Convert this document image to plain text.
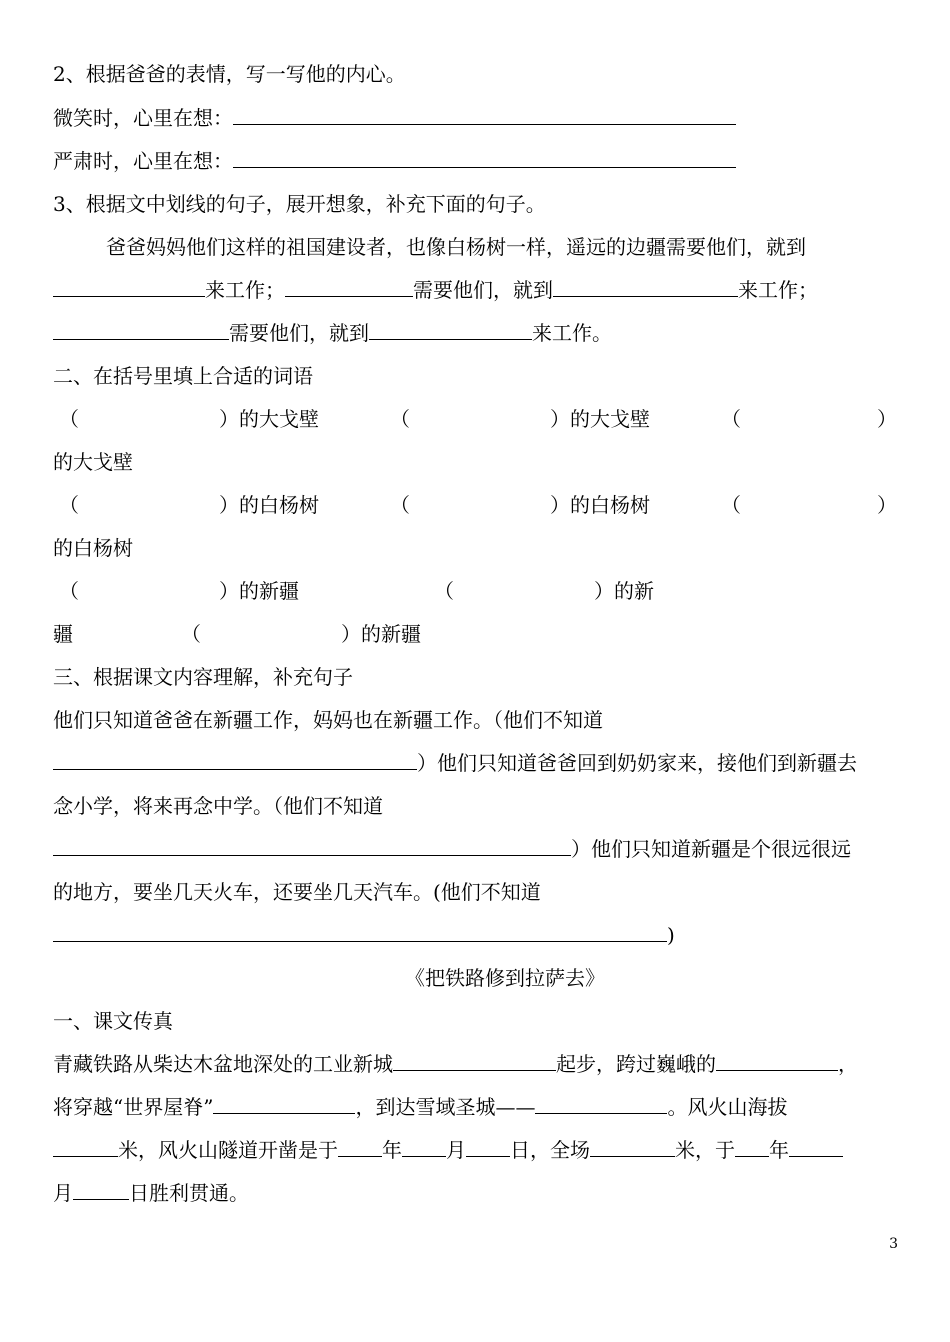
2、根据爸爸的表情，写一写他的内心。
微笑时，心里在想：
严肃时，心里在想：
3、根据文中划线的句子，展开想象，补充下面的句子。
爸爸妈妈他们这样的祖国建设者，也像白杨树一样，遥远的边疆需要他们，就到
来工作；	需要他们，就到	来工作；
需要他们，就到	来工作。
二、在括号里填上合适的词语
（	）的大戈壁	（	）的大戈壁	（	）
的大戈壁
（	）的白杨树	（	）的白杨树	（	）
的白杨树
（	）的新疆	（	）的新
疆	（	）的新疆
三、根据课文内容理解，补充句子
他们只知道爸爸在新疆工作，妈妈也在新疆工作。（他们不知道
）他们只知道爸爸回到奶奶家来，接他们到新疆去
念小学，将来再念中学。（他们不知道
）他们只知道新疆是个很远很远
的地方，要坐几天火车，还要坐几天汽车。(他们不知道
)
《把铁路修到拉萨去》
一、课文传真
青藏铁路从柴达木盆地深处的工业新城	起步，跨过巍峨的	，
将穿越“世界屋脊”	，到达雪域圣城——	。风火山海拔
米，风火山隧道开凿是于 年 月 日，全场	米，于 年
月	日胜利贯通。
3
